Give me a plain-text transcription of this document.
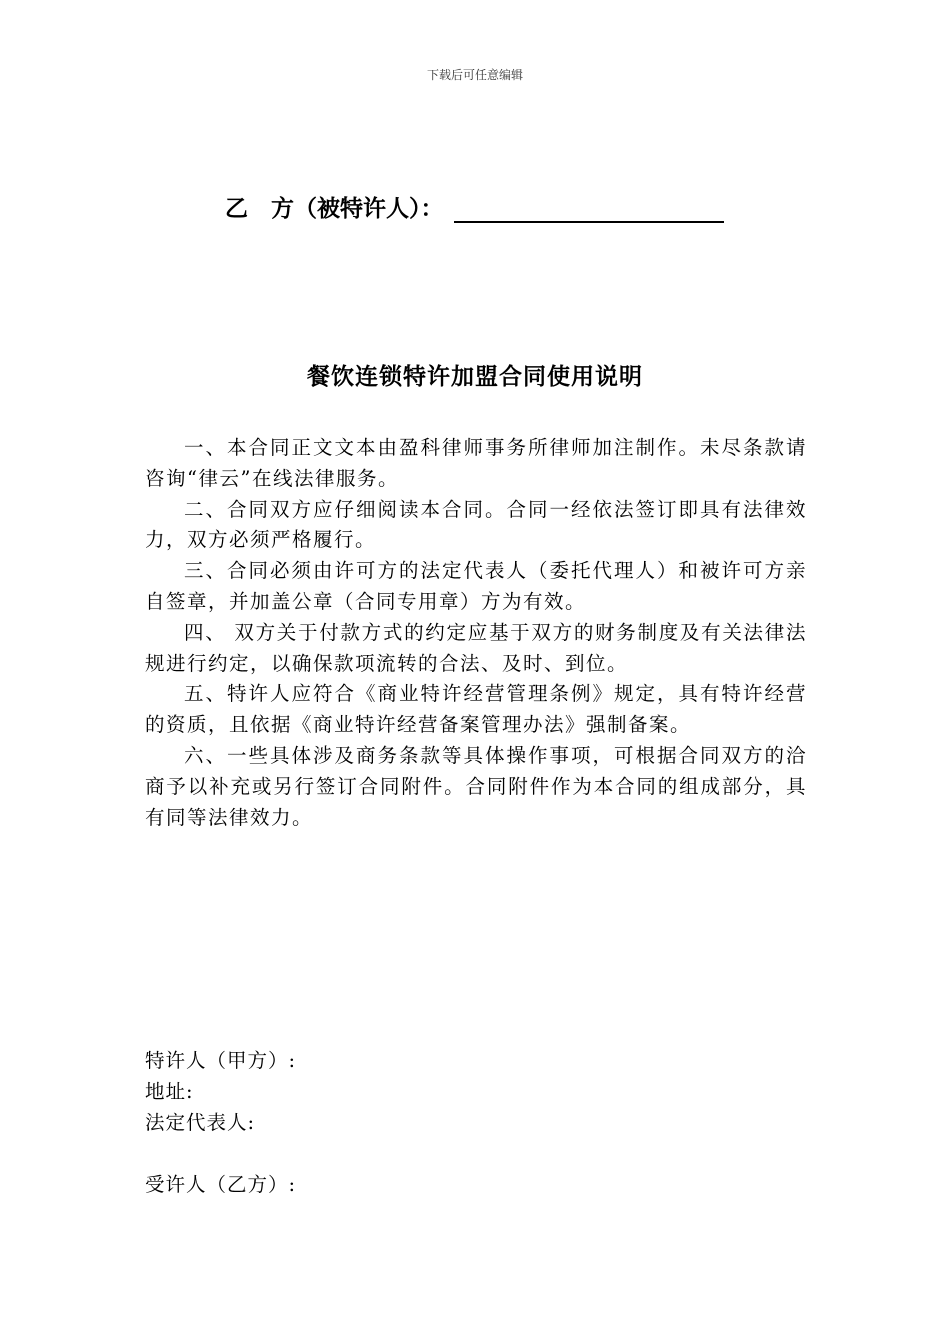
下载后可任意编辑
乙　方（被特许人）：
餐饮连锁特许加盟合同使用说明

一、本合同正文文本由盈科律师事务所律师加注制作。未尽条款请咨询“律云”在线法律服务。

二、合同双方应仔细阅读本合同。合同一经依法签订即具有法律效力，双方必须严格履行。

三、合同必须由许可方的法定代表人（委托代理人）和被许可方亲自签章，并加盖公章（合同专用章）方为有效。

四、 双方关于付款方式的约定应基于双方的财务制度及有关法律法规进行约定，以确保款项流转的合法、及时、到位。

五、特许人应符合《商业特许经营管理条例》规定，具有特许经营的资质，且依据《商业特许经营备案管理办法》强制备案。

六、一些具体涉及商务条款等具体操作事项，可根据合同双方的洽商予以补充或另行签订合同附件。合同附件作为本合同的组成部分，具有同等法律效力。

特许人（甲方）:
地址:
法定代表人:
受许人（乙方）:
